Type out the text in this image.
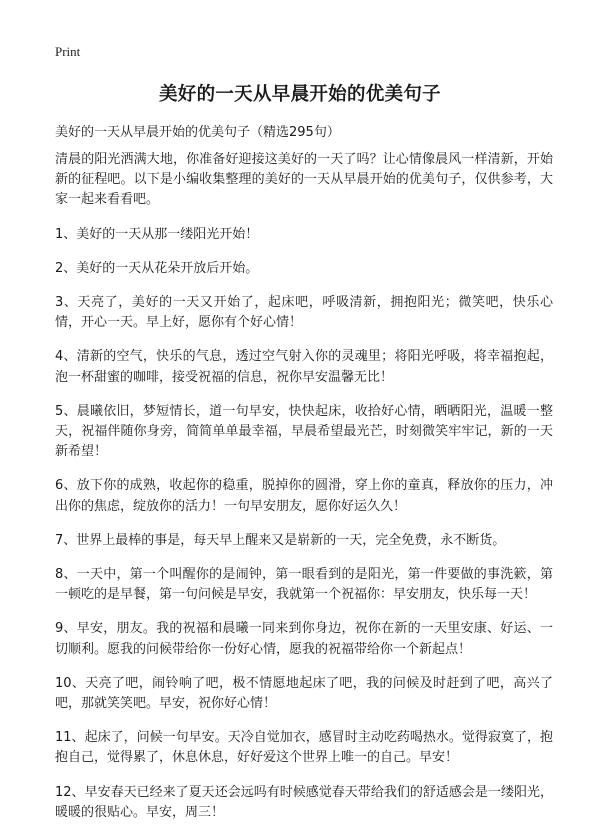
Print
美好的一天从早晨开始的优美句子

美好的一天从早晨开始的优美句子（精选295句）

清晨的阳光洒满大地，你准备好迎接这美好的一天了吗？让心情像晨风一样清新，开始新的征程吧。以下是小编收集整理的美好的一天从早晨开始的优美句子，仅供参考，大家一起来看看吧。

1、美好的一天从那一缕阳光开始！

2、美好的一天从花朵开放后开始。

3、天亮了，美好的一天又开始了，起床吧，呼吸清新，拥抱阳光；微笑吧，快乐心情，开心一天。早上好，愿你有个好心情！

4、清新的空气，快乐的气息，透过空气射入你的灵魂里；将阳光呼吸，将幸福抱起，泡一杯甜蜜的咖啡，接受祝福的信息，祝你早安温馨无比！

5、晨曦依旧，梦短情长，道一句早安，快快起床，收拾好心情，晒晒阳光，温暖一整天，祝福伴随你身旁，简简单单最幸福，早晨希望最光芒，时刻微笑牢牢记，新的一天新希望！

6、放下你的成熟，收起你的稳重，脱掉你的圆滑，穿上你的童真，释放你的压力，冲出你的焦虑，绽放你的活力！一句早安朋友，愿你好运久久！

7、世界上最棒的事是，每天早上醒来又是崭新的一天，完全免费，永不断货。

8、一天中，第一个叫醒你的是闹钟，第一眼看到的是阳光，第一件要做的事洗簌，第一顿吃的是早餐，第一句问候是早安，我就第一个祝福你：早安朋友，快乐每一天！

9、早安，朋友。我的祝福和晨曦一同来到你身边，祝你在新的一天里安康、好运、一切顺利。愿我的问候带给你一份好心情，愿我的祝福带给你一个新起点！

10、天亮了吧，闹铃响了吧，极不情愿地起床了吧，我的问候及时赶到了吧，高兴了吧，那就笑笑吧。早安，祝你好心情！

11、起床了，问候一句早安。天冷自觉加衣，感冒时主动吃药喝热水。觉得寂寞了，抱抱自己，觉得累了，休息休息，好好爱这个世界上唯一的自己。早安！

12、早安春天已经来了夏天还会远吗有时候感觉春天带给我们的舒适感会是一缕阳光，暖暖的很贴心。早安，周三！
